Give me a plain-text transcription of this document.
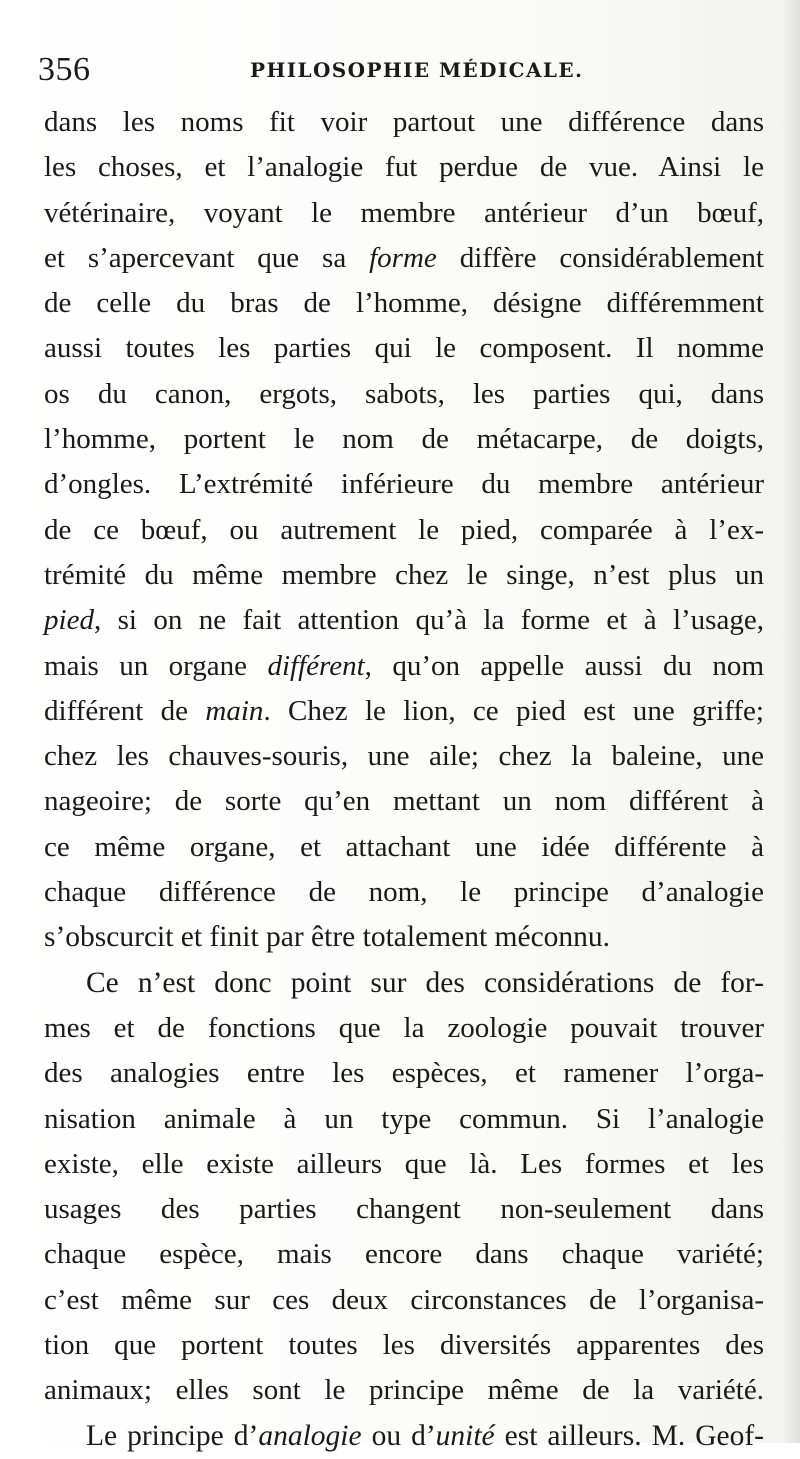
356	PHILOSOPHIE MÉDICALE.
dans les noms fit voir partout une différence dans
les choses, et l’analogie fut perdue de vue. Ainsi le
vétérinaire, voyant le membre antérieur d’un bœuf,
et s’apercevant que sa forme diffère considérablement
de celle du bras de l’homme, désigne différemment
aussi toutes les parties qui le composent. Il nomme
os du canon, ergots, sabots, les parties qui, dans
l’homme, portent le nom de métacarpe, de doigts,
d’ongles. L’extrémité inférieure du membre antérieur
de ce bœuf, ou autrement le pied, comparée à l’ex-
trémité du même membre chez le singe, n’est plus un
pied, si on ne fait attention qu’à la forme et à l’usage,
mais un organe différent, qu’on appelle aussi du nom
différent de main. Chez le lion, ce pied est une griffe;
chez les chauves-souris, une aile; chez la baleine, une
nageoire; de sorte qu’en mettant un nom différent à
ce même organe, et attachant une idée différente à
chaque différence de nom, le principe d’analogie
s’obscurcit et finit par être totalement méconnu.
Ce n’est donc point sur des considérations de for-
mes et de fonctions que la zoologie pouvait trouver
des analogies entre les espèces, et ramener l’orga-
nisation animale à un type commun. Si l’analogie
existe, elle existe ailleurs que là. Les formes et les
usages des parties changent non-seulement dans
chaque espèce, mais encore dans chaque variété;
c’est même sur ces deux circonstances de l’organisa-
tion que portent toutes les diversités apparentes des
animaux; elles sont le principe même de la variété.
Le principe d’analogie ou d’unité est ailleurs. M. Geof-
